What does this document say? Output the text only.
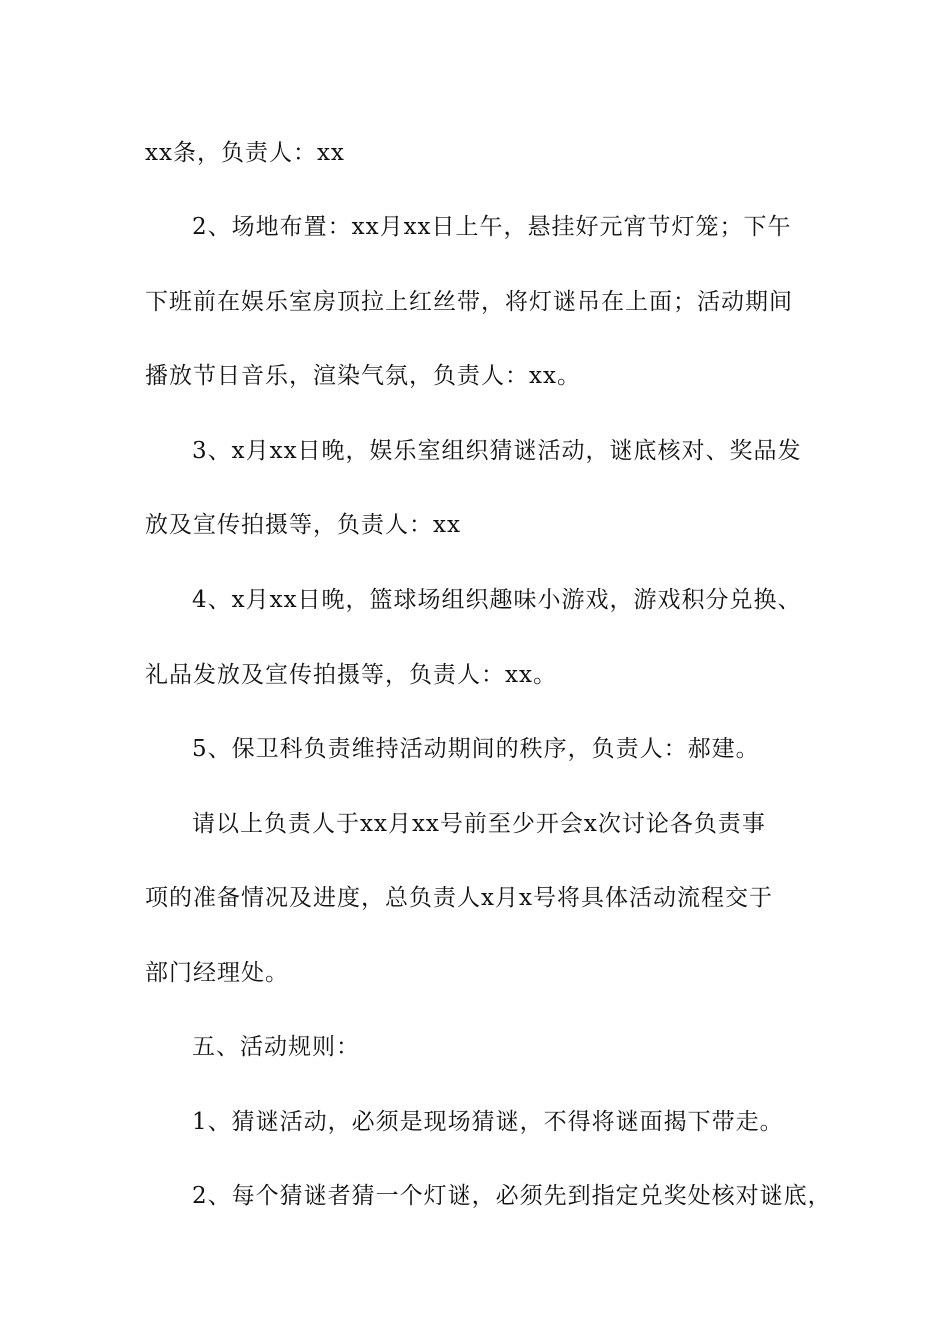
xx条，负责人：xx
2、场地布置：xx月xx日上午，悬挂好元宵节灯笼；下午
下班前在娱乐室房顶拉上红丝带，将灯谜吊在上面；活动期间
播放节日音乐，渲染气氛，负责人：xx。
3、x月xx日晚，娱乐室组织猜谜活动，谜底核对、奖品发
放及宣传拍摄等，负责人：xx
4、x月xx日晚，篮球场组织趣味小游戏，游戏积分兑换、
礼品发放及宣传拍摄等，负责人：xx。
5、保卫科负责维持活动期间的秩序，负责人：郝建。
请以上负责人于xx月xx号前至少开会x次讨论各负责事
项的准备情况及进度，总负责人x月x号将具体活动流程交于
部门经理处。
五、活动规则：
1、猜谜活动，必须是现场猜谜，不得将谜面揭下带走。
2、每个猜谜者猜一个灯谜，必须先到指定兑奖处核对谜底，
